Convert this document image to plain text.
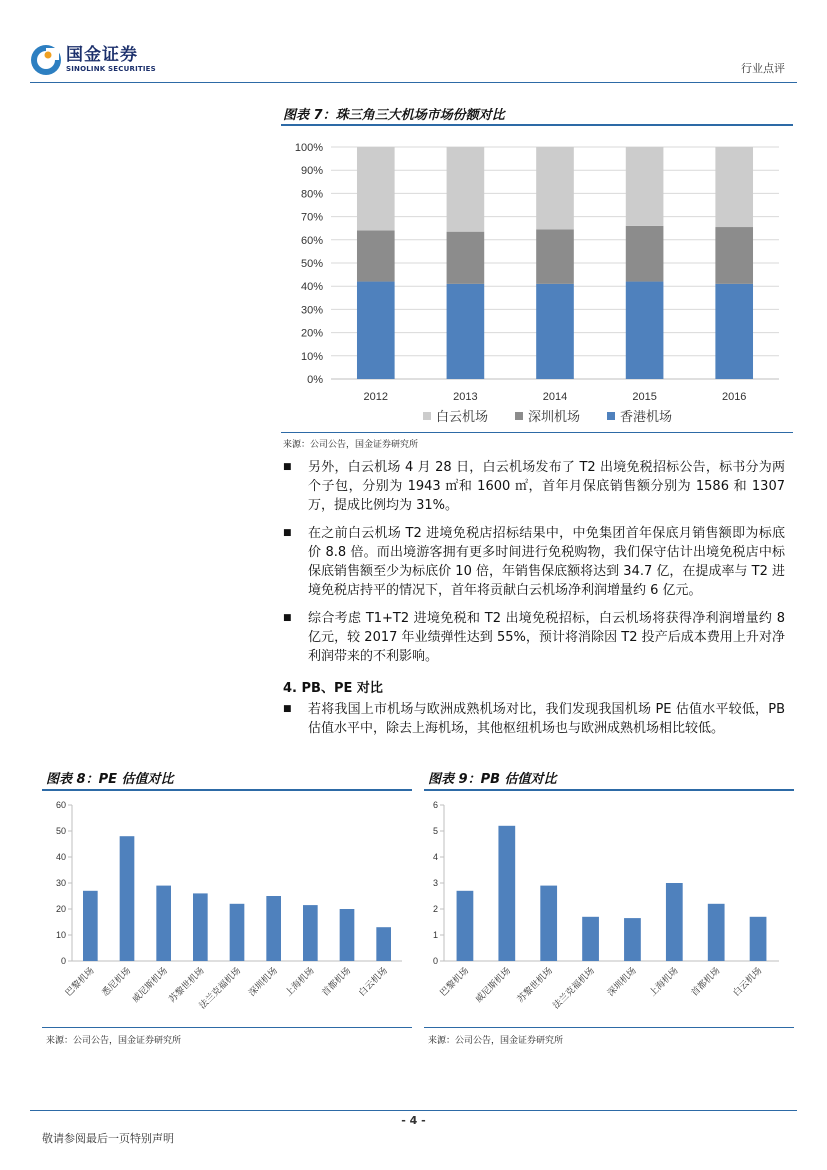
国金证券
SINOLINK SECURITIES	行业点评
图表 7：珠三角三大机场市场份额对比
0%
10%
20%
30%
40%
50%
60%
70%
80%
90%
100%
2012	2013	2014	2015	2016
白云机场	深圳机场	香港机场
来源：公司公告，国金证券研究所
■	另外，白云机场 4 月 28 日，白云机场发布了 T2 出境免税招标公告，标书分为两个子包，分别为 1943 ㎡和 1600 ㎡，首年月保底销售额分别为 1586 和 1307 万，提成比例均为 31%。
■	在之前白云机场 T2 进境免税店招标结果中，中免集团首年保底月销售额即为标底价 8.8 倍。而出境游客拥有更多时间进行免税购物，我们保守估计出境免税店中标保底销售额至少为标底价 10 倍，年销售保底额将达到 34.7 亿，在提成率与 T2 进境免税店持平的情况下，首年将贡献白云机场净利润增量约 6 亿元。
■	综合考虑 T1+T2 进境免税和 T2 出境免税招标，白云机场将获得净利润增量约 8 亿元，较 2017 年业绩弹性达到 55%，预计将消除因 T2 投产后成本费用上升对净利润带来的不利影响。
4. PB、PE 对比
■	若将我国上市机场与欧洲成熟机场对比，我们发现我国机场 PE 估值水平较低，PB 估值水平中，除去上海机场，其他枢纽机场也与欧洲成熟机场相比较低。
图表 8：PE 估值对比
0
10
20
30
40
50
60
巴黎机场 悉尼机场
威尼斯机场
苏黎世机场
法兰克福机场 深圳机场 上海机场 首都机场 白云机场
来源：公司公告，国金证券研究所
图表 9：PB 估值对比
0
1
2
3
4
5
6
巴黎机场 威尼斯机场 苏黎世机场
法兰克福机场 深圳机场 上海机场 首都机场 白云机场
来源：公司公告，国金证券研究所
- 4 -
敬请参阅最后一页特别声明
